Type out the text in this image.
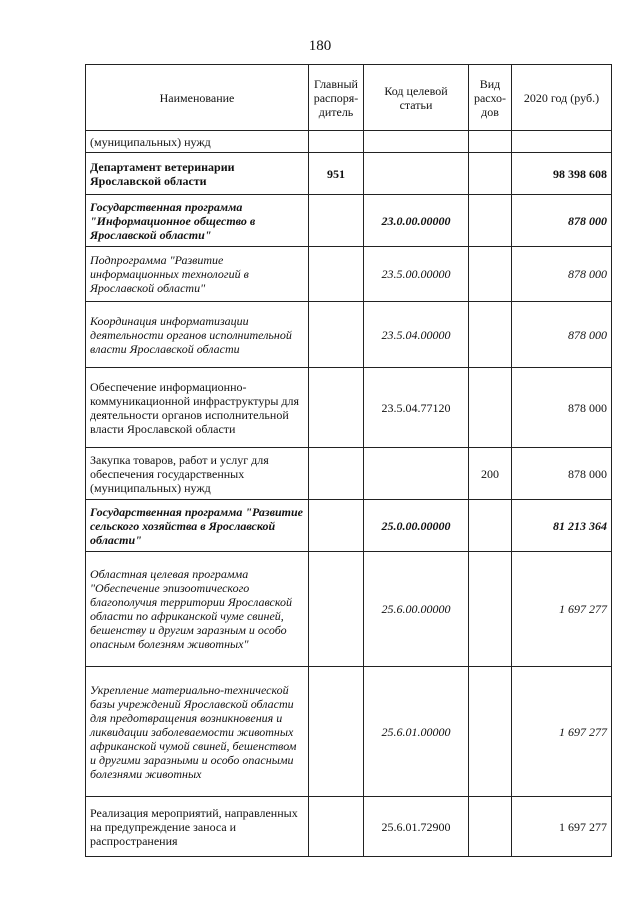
180
Наименование	Главный распоря-дитель	Код целевой статьи	Вид расхо-дов	2020 год (руб.)
(муниципальных) нужд				
Департамент ветеринарии Ярославской области	951			98 398 608
Государственная программа "Информационное общество в Ярославской области"		23.0.00.00000		878 000
Подпрограмма "Развитие информационных технологий в Ярославской области"		23.5.00.00000		878 000
Координация информатизации деятельности органов исполнительной власти Ярославской области		23.5.04.00000		878 000
Обеспечение информационно-коммуникационной инфраструктуры для деятельности органов исполнительной власти Ярославской области		23.5.04.77120		878 000
Закупка товаров, работ и услуг для обеспечения государственных (муниципальных) нужд			200	878 000
Государственная программа "Развитие сельского хозяйства в Ярославской области"		25.0.00.00000		81 213 364
Областная целевая программа "Обеспечение эпизоотического благополучия территории Ярославской области по африканской чуме свиней, бешенству и другим заразным и особо опасным болезням животных"		25.6.00.00000		1 697 277
Укрепление материально-технической базы учреждений Ярославской области для предотвращения возникновения и ликвидации заболеваемости животных африканской чумой свиней, бешенством и другими заразными и особо опасными болезнями животных		25.6.01.00000		1 697 277
Реализация мероприятий, направленных на предупреждение заноса и распространения		25.6.01.72900		1 697 277
